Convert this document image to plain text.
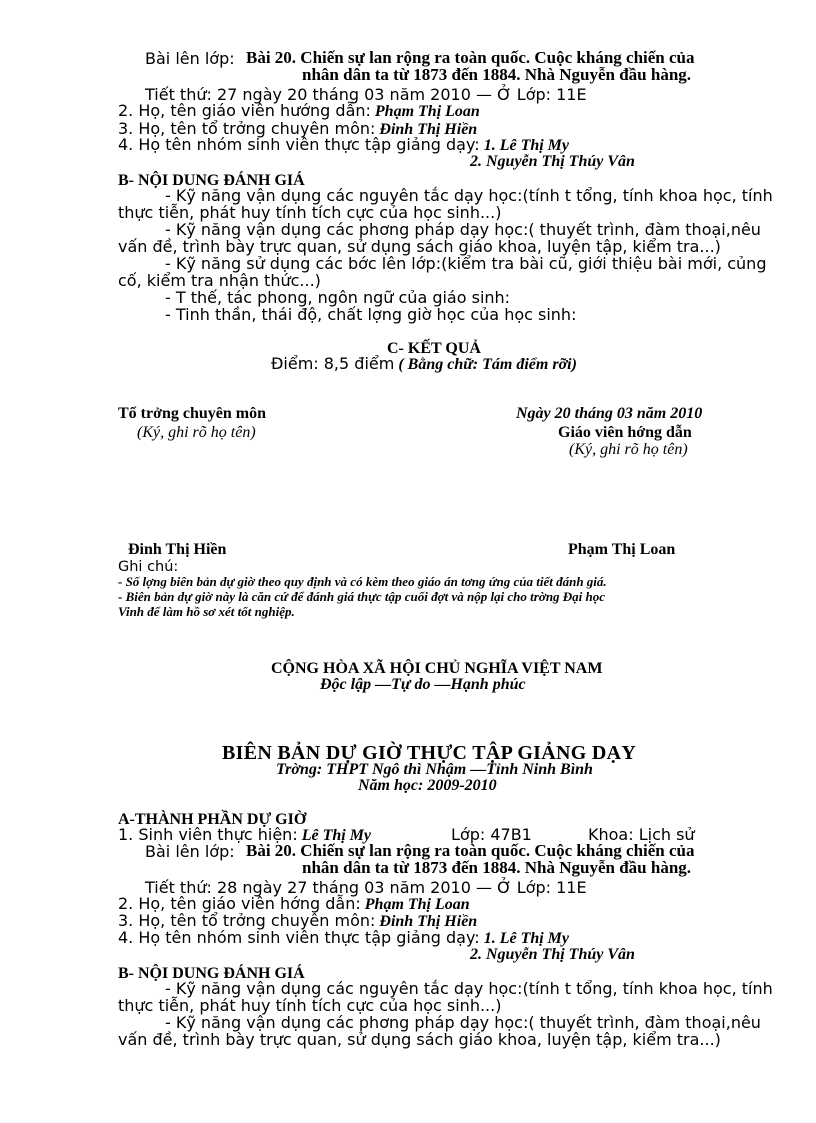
Bài lên lớp: Bài 20. Chiến sự lan rộng ra toàn quốc. Cuộc kháng chiến của
nhân dân ta từ 1873 đến 1884. Nhà Nguyễn đầu hàng.
Tiết thứ: 27 ngày 20 tháng 03 năm 2010 — Ở Lớp: 11E
2. Họ, tên giáo viên hướng dẫn: Phạm Thị Loan
3. Họ, tên tổ trởng chuyên môn: Đinh Thị Hiền
4. Họ tên nhóm sinh viên thực tập giảng dạy: 1. Lê Thị My
2. Nguyễn Thị Thúy Vân
B- NỘI DUNG ĐÁNH GIÁ
- Kỹ năng vận dụng các nguyên tắc dạy học:(tính t tổng, tính khoa học, tính
thực tiễn, phát huy tính tích cực của học sinh...)
- Kỹ năng vận dụng các phơng pháp dạy học:( thuyết trình, đàm thoại,nêu
vấn đề, trình bày trực quan, sử dụng sách giáo khoa, luyện tập, kiểm tra...)
- Kỹ năng sử dụng các bớc lên lớp:(kiểm tra bài cũ, giới thiệu bài mới, củng
cố, kiểm tra nhận thức...)
- T thế, tác phong, ngôn ngữ của giáo sinh:
- Tinh thần, thái độ, chất lợng giờ học của học sinh:
C- KẾT QUẢ
Điểm: 8,5 điểm ( Bằng chữ: Tám điểm rỡi)
Tổ trởng chuyên môn	Ngày 20 tháng 03 năm 2010
(Ký, ghi rõ họ tên)	Giáo viên hớng dẫn
(Ký, ghi rõ họ tên)
Đinh Thị Hiền	Phạm Thị Loan
Ghi chú:
- Số lợng biên bản dự giờ theo quy định và có kèm theo giáo án tơng ứng của tiết đánh giá.
- Biên bản dự giờ này là căn cứ để đánh giá thực tập cuối đợt và nộp lại cho trờng Đại học
Vinh để làm hồ sơ xét tốt nghiệp.
CỘNG HÒA XÃ HỘI CHỦ NGHĨA VIỆT NAM
Độc lập —Tự do —Hạnh phúc
BIÊN BẢN DỰ GIỜ THỰC TẬP GIẢNG DẠY
Trờng: THPT Ngô thì Nhậm —Tỉnh Ninh Bình
Năm học: 2009-2010
A-THÀNH PHẦN DỰ GIỜ
1. Sinh viên thực hiện: Lê Thị My	Lớp: 47B1	Khoa: Lịch sử
Bài lên lớp: Bài 20. Chiến sự lan rộng ra toàn quốc. Cuộc kháng chiến của
nhân dân ta từ 1873 đến 1884. Nhà Nguyễn đầu hàng.
Tiết thứ: 28 ngày 27 tháng 03 năm 2010 — Ở Lớp: 11E
2. Họ, tên giáo viên hớng dẫn: Phạm Thị Loan
3. Họ, tên tổ trởng chuyên môn: Đinh Thị Hiền
4. Họ tên nhóm sinh viên thực tập giảng dạy: 1. Lê Thị My
2. Nguyễn Thị Thúy Vân
B- NỘI DUNG ĐÁNH GIÁ
- Kỹ năng vận dụng các nguyên tắc dạy học:(tính t tổng, tính khoa học, tính
thực tiễn, phát huy tính tích cực của học sinh...)
- Kỹ năng vận dụng các phơng pháp dạy học:( thuyết trình, đàm thoại,nêu
vấn đề, trình bày trực quan, sử dụng sách giáo khoa, luyện tập, kiểm tra...)
